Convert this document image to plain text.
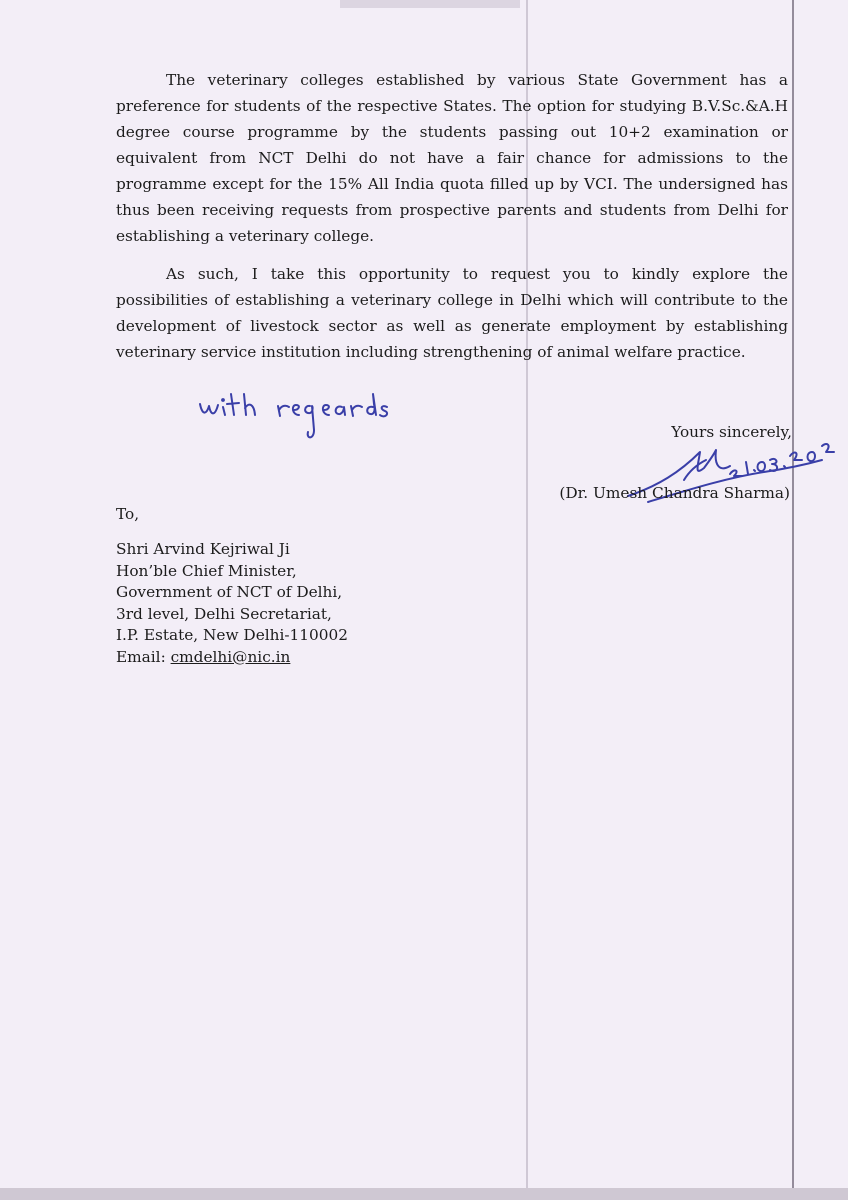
The veterinary colleges established by various State Government has a preference for students of the respective States. The option for studying B.V.Sc.&A.H degree course programme by the students passing out 10+2 examination or equivalent from NCT Delhi do not have a fair chance for admissions to the programme except for the 15% All India quota filled up by VCI. The undersigned has thus been receiving requests from prospective parents and students from Delhi for establishing a veterinary college.

As such, I take this opportunity to request you to kindly explore the possibilities of establishing a veterinary college in Delhi which will contribute to the development of livestock sector as well as generate employment by establishing veterinary service institution including strengthening of animal welfare practice.

Yours sincerely,
(Dr. Umesh Chandra Sharma)
To,
Shri Arvind Kejriwal Ji
Hon’ble Chief Minister,
Government of NCT of Delhi,
3rd level, Delhi Secretariat,
I.P. Estate, New Delhi-110002
Email: cmdelhi@nic.in
